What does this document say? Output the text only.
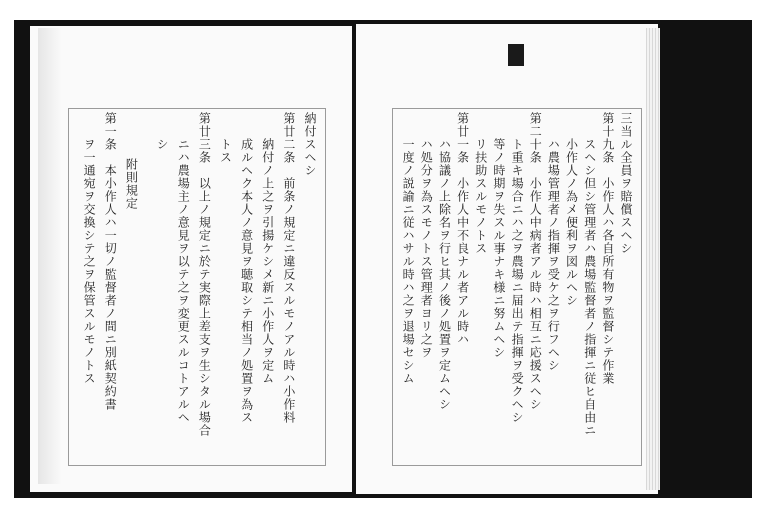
三当ル全員ヲ賠償スヘシ
第十九条　小作人ハ各自所有物ヲ監督シテ作業
スヘシ但シ管理者ハ農場監督者ノ指揮ニ従ヒ自由ニ
小作人ノ為メ便利ヲ図ルヘシ
ハ農場管理者ノ指揮ヲ受ケ之ヲ行フヘシ
第二十条　小作人中病者アル時ハ相互ニ応援スヘシ
ト重キ場合ニハ之ヲ農場ニ届出テ指揮ヲ受クヘシ
等ノ時期ヲ失スル事ナキ様ニ努ムヘシ
リ扶助スルモノトス
第廿一条　小作人中不良ナル者アル時ハ
ハ協議ノ上除名ヲ行ヒ其ノ後ノ処置ヲ定ムヘシ
ハ処分ヲ為スモノトス管理者ヨリ之ヲ
一度ノ説諭ニ従ハサル時ハ之ヲ退場セシム
納付スヘシ
第廿二条　前条ノ規定ニ違反スルモノアル時ハ小作料
納付ノ上之ヲ引揚ケシメ新ニ小作人ヲ定ム
成ルヘク本人ノ意見ヲ聴取シテ相当ノ処置ヲ為ス
トス
第廿三条　以上ノ規定ニ於テ実際上差支ヲ生シタル場合
ニハ農場主ノ意見ヲ以テ之ヲ変更スルコトアルヘ
シ
附則規定
第一条　本小作人ハ一切ノ監督者ノ間ニ別紙契約書
ヲ一通宛ヲ交換シテ之ヲ保管スルモノトス
